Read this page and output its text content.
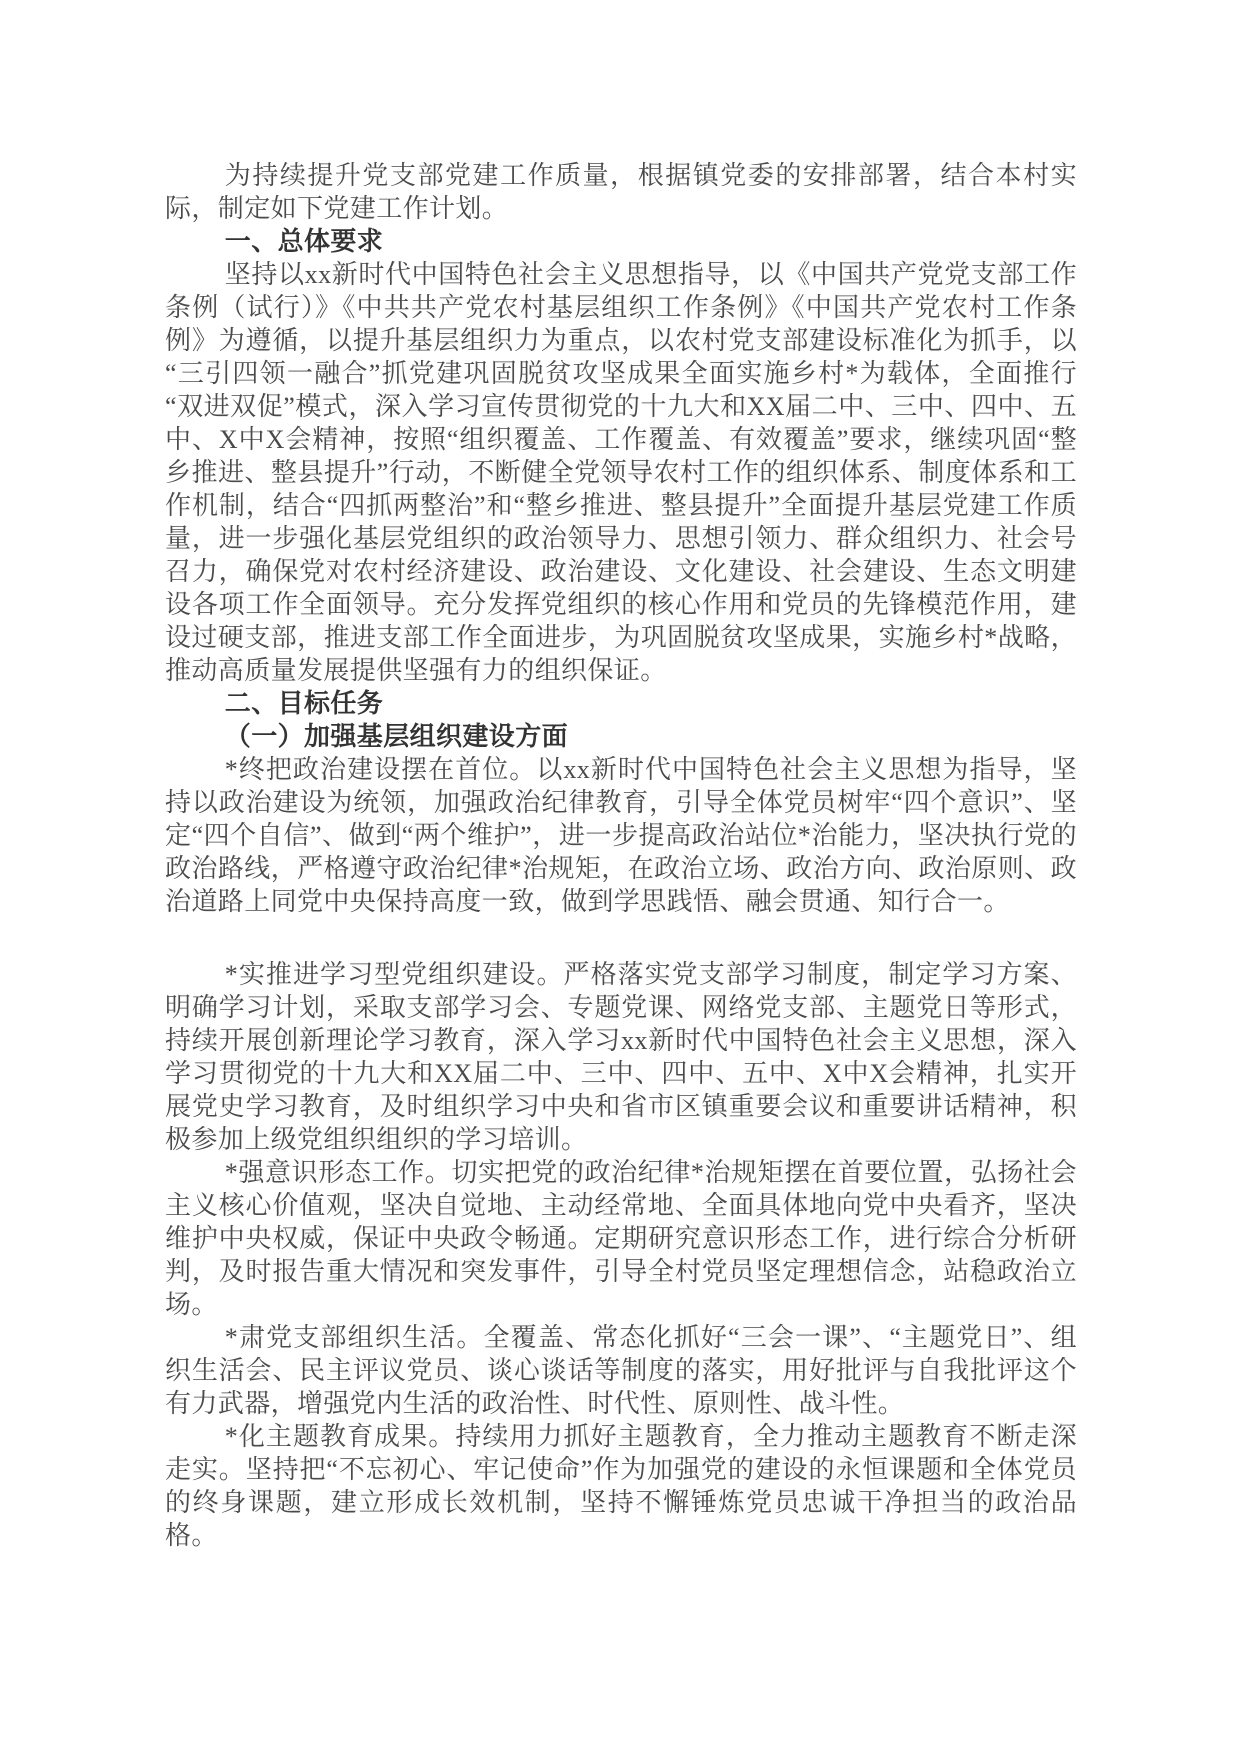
为持续提升党支部党建工作质量，根据镇党委的安排部署，结合本村实际，制定如下党建工作计划。

一、总体要求

坚持以xx新时代中国特色社会主义思想指导，以《中国共产党党支部工作条例（试行）》《中共共产党农村基层组织工作条例》《中国共产党农村工作条例》为遵循，以提升基层组织力为重点，以农村党支部建设标准化为抓手，以“三引四领一融合”抓党建巩固脱贫攻坚成果全面实施乡村*为载体，全面推行“双进双促”模式，深入学习宣传贯彻党的十九大和XX届二中、三中、四中、五中、X中X会精神，按照“组织覆盖、工作覆盖、有效覆盖”要求，继续巩固“整乡推进、整县提升”行动，不断健全党领导农村工作的组织体系、制度体系和工作机制，结合“四抓两整治”和“整乡推进、整县提升”全面提升基层党建工作质量，进一步强化基层党组织的政治领导力、思想引领力、群众组织力、社会号召力，确保党对农村经济建设、政治建设、文化建设、社会建设、生态文明建设各项工作全面领导。充分发挥党组织的核心作用和党员的先锋模范作用，建设过硬支部，推进支部工作全面进步，为巩固脱贫攻坚成果，实施乡村*战略，推动高质量发展提供坚强有力的组织保证。

二、目标任务

（一）加强基层组织建设方面

*终把政治建设摆在首位。以xx新时代中国特色社会主义思想为指导，坚持以政治建设为统领，加强政治纪律教育，引导全体党员树牢“四个意识”、坚定“四个自信”、做到“两个维护”，进一步提高政治站位*治能力，坚决执行党的政治路线，严格遵守政治纪律*治规矩，在政治立场、政治方向、政治原则、政治道路上同党中央保持高度一致，做到学思践悟、融会贯通、知行合一。

*实推进学习型党组织建设。严格落实党支部学习制度，制定学习方案、明确学习计划，采取支部学习会、专题党课、网络党支部、主题党日等形式，持续开展创新理论学习教育，深入学习xx新时代中国特色社会主义思想，深入学习贯彻党的十九大和XX届二中、三中、四中、五中、X中X会精神，扎实开展党史学习教育，及时组织学习中央和省市区镇重要会议和重要讲话精神，积极参加上级党组织组织的学习培训。

*强意识形态工作。切实把党的政治纪律*治规矩摆在首要位置，弘扬社会主义核心价值观，坚决自觉地、主动经常地、全面具体地向党中央看齐，坚决维护中央权威，保证中央政令畅通。定期研究意识形态工作，进行综合分析研判，及时报告重大情况和突发事件，引导全村党员坚定理想信念，站稳政治立场。

*肃党支部组织生活。全覆盖、常态化抓好“三会一课”、“主题党日”、组织生活会、民主评议党员、谈心谈话等制度的落实，用好批评与自我批评这个有力武器，增强党内生活的政治性、时代性、原则性、战斗性。

*化主题教育成果。持续用力抓好主题教育，全力推动主题教育不断走深走实。坚持把“不忘初心、牢记使命”作为加强党的建设的永恒课题和全体党员的终身课题，建立形成长效机制，坚持不懈锤炼党员忠诚干净担当的政治品格。
